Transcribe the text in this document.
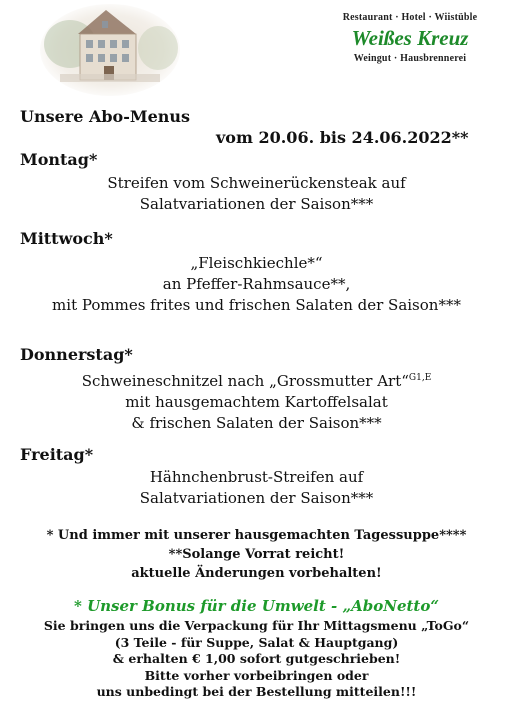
Restaurant · Hotel · Wiistüble
Weißes Kreuz
Weingut · Hausbrennerei
Unsere Abo-Menus
vom 20.06. bis 24.06.2022**
Montag*
Streifen vom Schweinerückensteak auf
Salatvariationen der Saison***
Mittwoch*
„Fleischkiechle*“
an Pfeffer-Rahmsauce**,
mit Pommes frites und frischen Salaten der Saison***
Donnerstag*
Schweineschnitzel nach „Grossmutter Art“$^{G1,E}$
mit hausgemachtem Kartoffelsalat
& frischen Salaten der Saison***
Freitag*
Hähnchenbrust-Streifen auf
Salatvariationen der Saison***
* Und immer mit unserer hausgemachten Tagessuppe****
**Solange Vorrat reicht!
aktuelle Änderungen vorbehalten!
* Unser Bonus für die Umwelt - „AboNetto“
Sie bringen uns die Verpackung für Ihr Mittagsmenu „ToGo“
(3 Teile - für Suppe, Salat & Hauptgang)
& erhalten € 1,00 sofort gutgeschrieben!
Bitte vorher vorbeibringen oder
uns unbedingt bei der Bestellung mitteilen!!!
